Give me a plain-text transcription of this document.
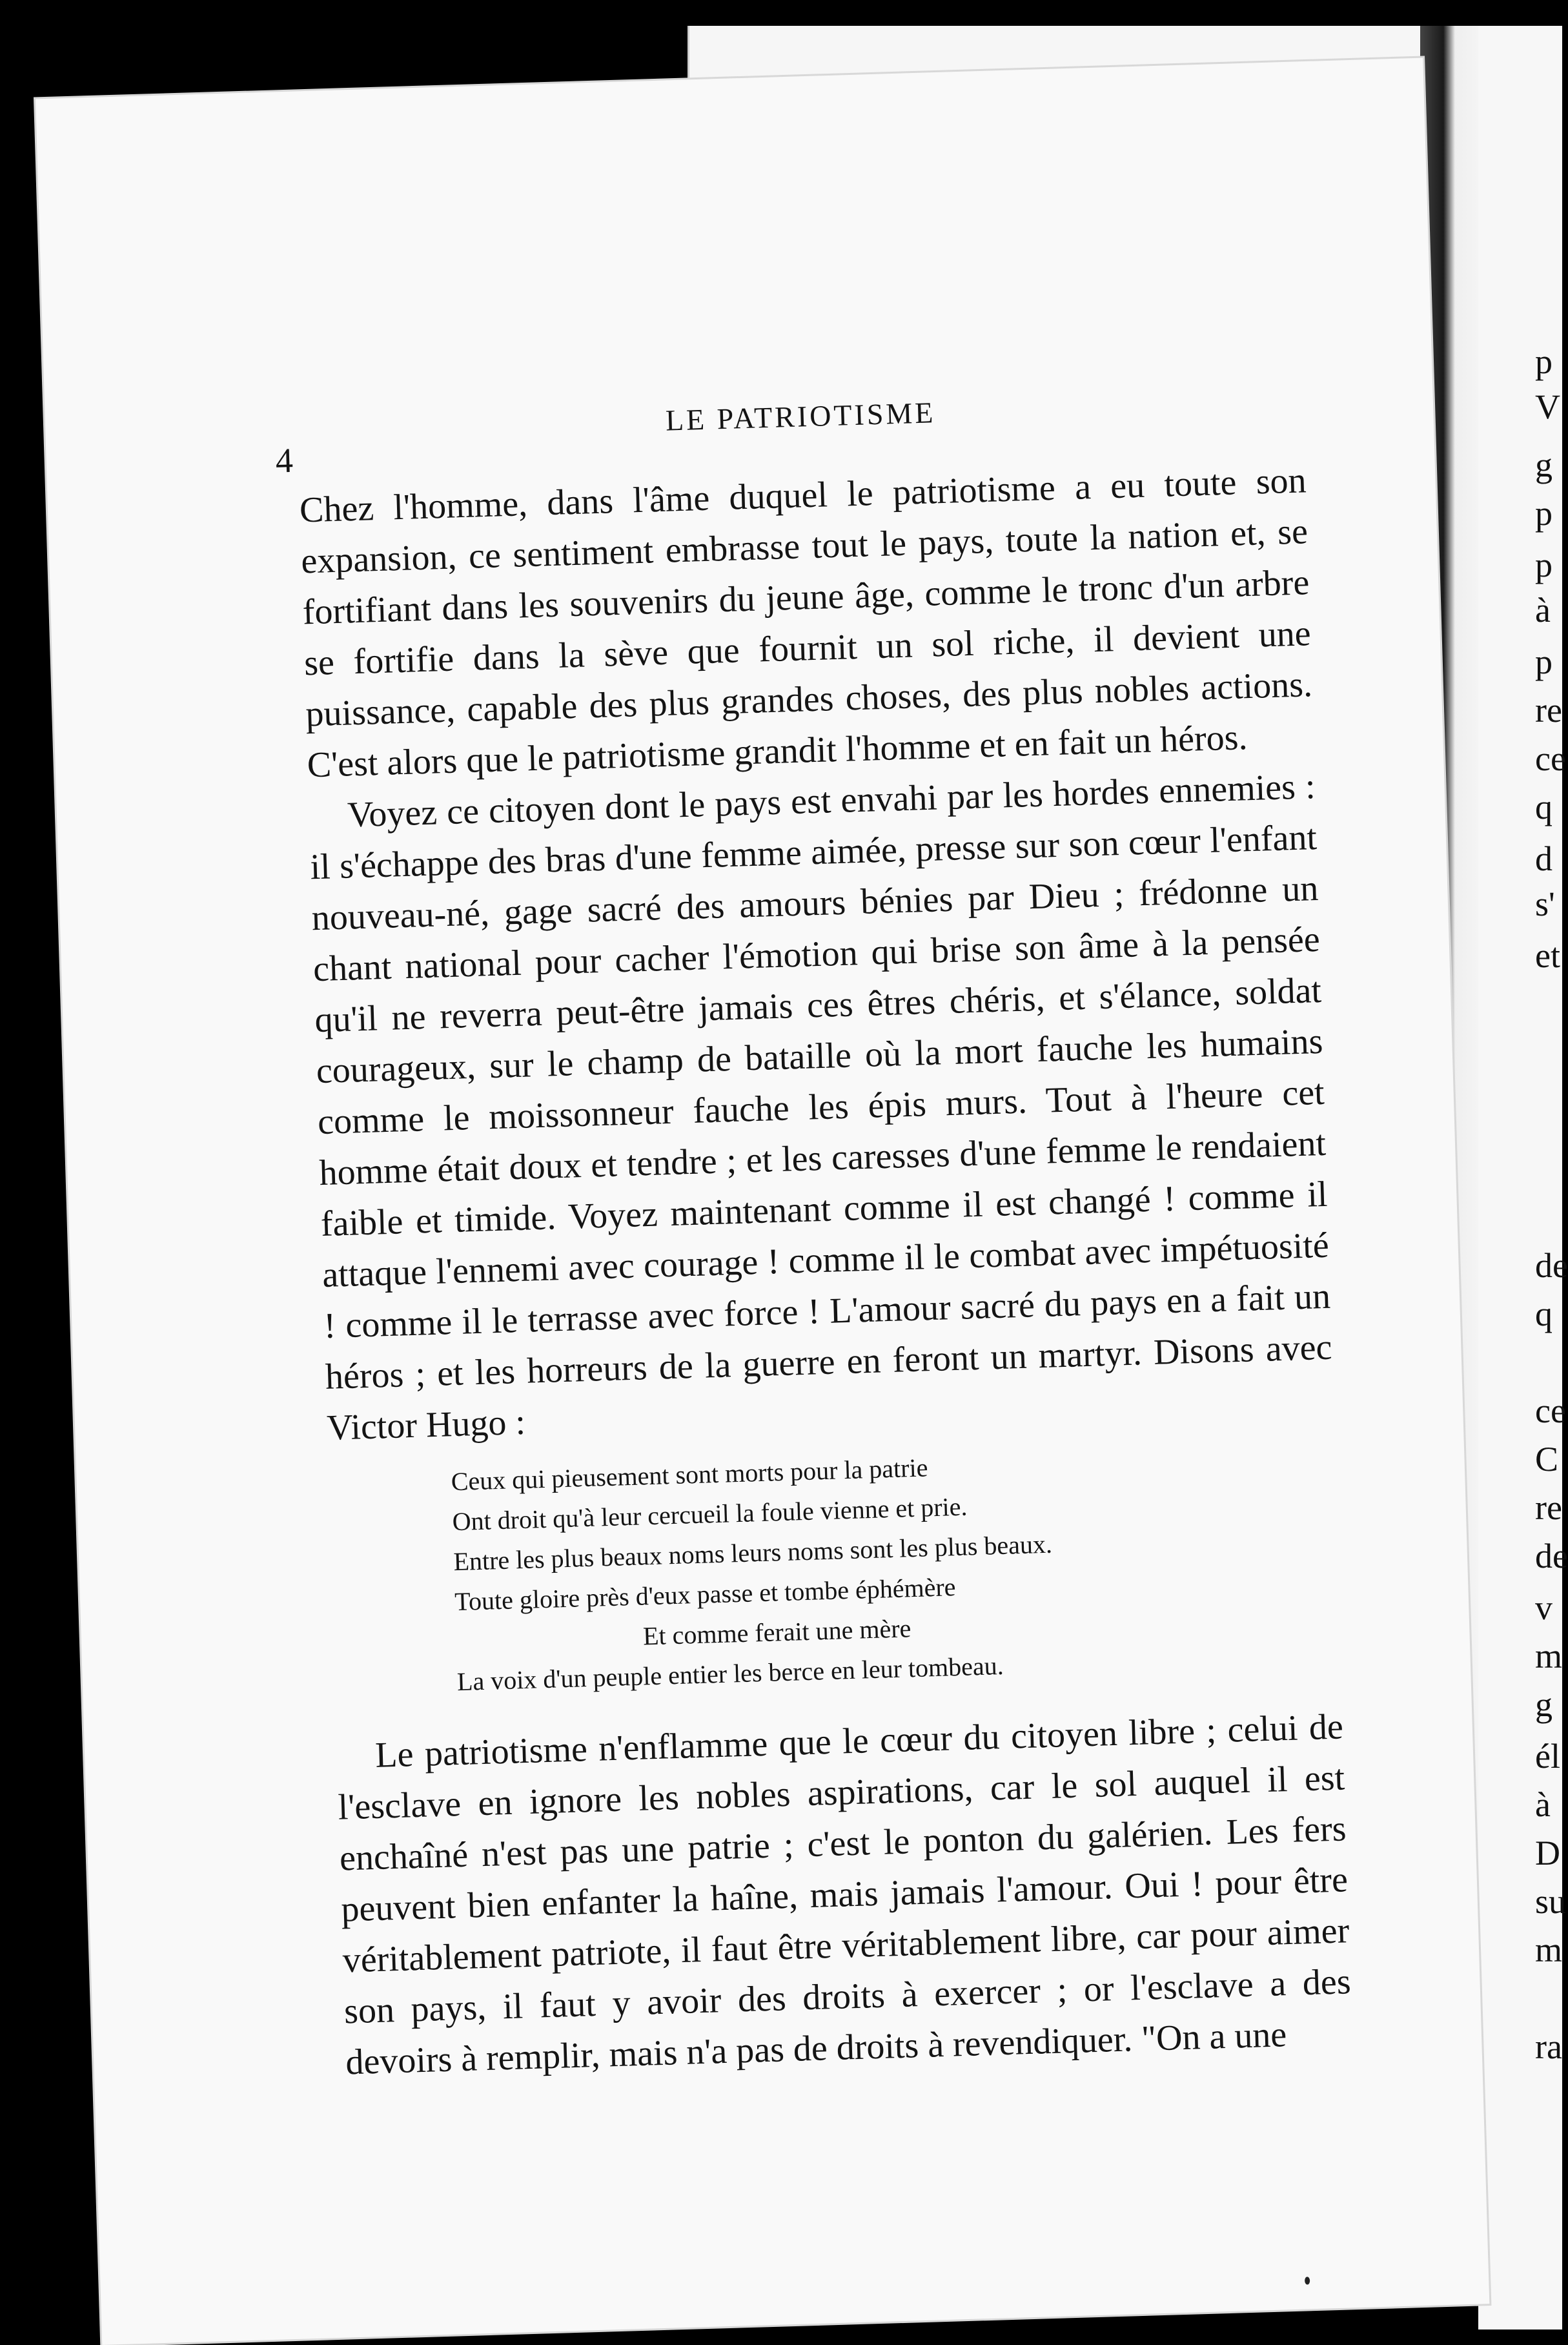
p
V
g
p
p
à
p
re
ce
q
d
s'
et
de
q
ce
C
re
de
v
m
g
él
à
D
su
m
ra
4
LE PATRIOTISME

Chez l'homme, dans l'âme duquel le patriotisme a eu toute son expansion, ce sentiment embrasse tout le pays, toute la nation et, se fortifiant dans les souvenirs du jeune âge, comme le tronc d'un arbre se fortifie dans la sève que fournit un sol riche, il devient une puissance, capable des plus grandes choses, des plus nobles actions. C'est alors que le patriotisme grandit l'homme et en fait un héros.

Voyez ce citoyen dont le pays est envahi par les hordes ennemies : il s'échappe des bras d'une femme aimée, presse sur son cœur l'enfant nouveau-né, gage sacré des amours bénies par Dieu ; frédonne un chant national pour cacher l'émotion qui brise son âme à la pensée qu'il ne reverra peut-être jamais ces êtres chéris, et s'élance, soldat courageux, sur le champ de bataille où la mort fauche les humains comme le moissonneur fauche les épis murs. Tout à l'heure cet homme était doux et tendre ; et les caresses d'une femme le rendaient faible et timide. Voyez maintenant comme il est changé ! comme il attaque l'ennemi avec courage ! comme il le combat avec impétuosité ! comme il le terrasse avec force ! L'amour sacré du pays en a fait un héros ; et les horreurs de la guerre en feront un martyr. Disons avec Victor Hugo :

Ceux qui pieusement sont morts pour la patrie
Ont droit qu'à leur cercueil la foule vienne et prie.
Entre les plus beaux noms leurs noms sont les plus beaux.
Toute gloire près d'eux passe et tombe éphémère
Et comme ferait une mère
La voix d'un peuple entier les berce en leur tombeau.

Le patriotisme n'enflamme que le cœur du citoyen libre ; celui de l'esclave en ignore les nobles aspirations, car le sol auquel il est enchaîné n'est pas une patrie ; c'est le ponton du galérien. Les fers peuvent bien enfanter la haîne, mais jamais l'amour. Oui ! pour être véritablement patriote, il faut être véritablement libre, car pour aimer son pays, il faut y avoir des droits à exercer ; or l'esclave a des devoirs à remplir, mais n'a pas de droits à revendiquer. "On a une
